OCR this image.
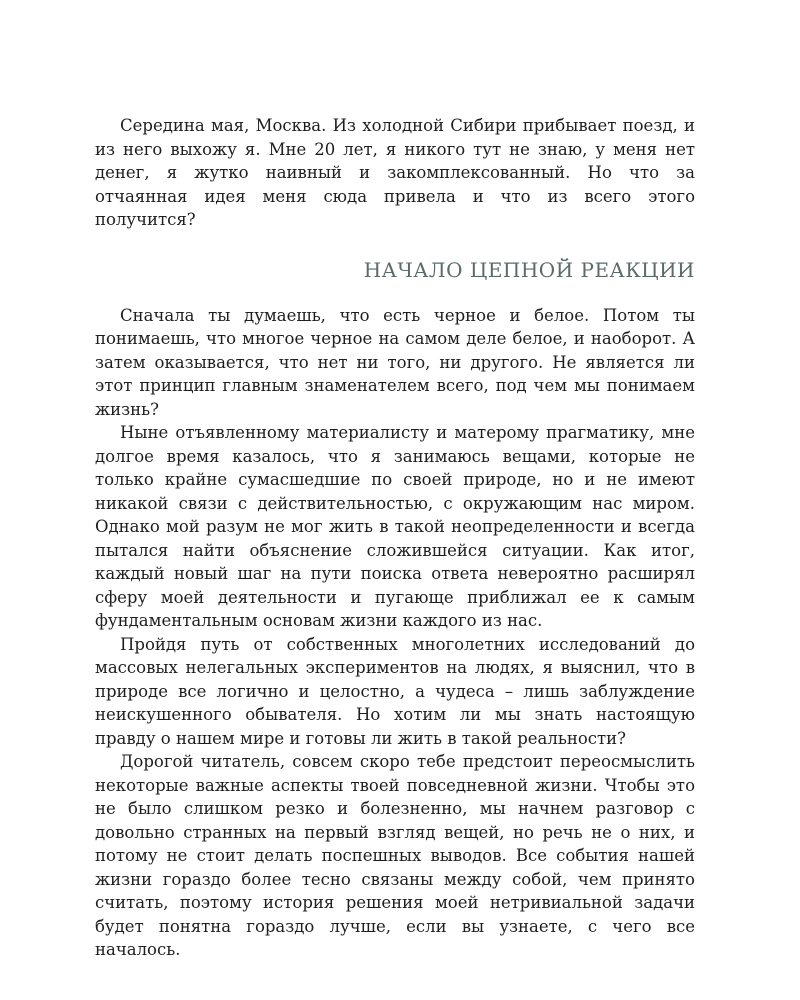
Середина мая, Москва. Из холодной Сибири прибывает поезд, и из него выхожу я. Мне 20 лет, я никого тут не знаю, у меня нет денег, я жутко наивный и закомплексованный. Но что за отчаянная идея меня сюда привела и что из всего этого получится?

НАЧАЛО ЦЕПНОЙ РЕАКЦИИ

Сначала ты думаешь, что есть черное и белое. Потом ты понимаешь, что многое черное на самом деле белое, и наоборот. А затем оказывается, что нет ни того, ни другого. Не является ли этот принцип главным знаменателем всего, под чем мы понимаем жизнь?

Ныне отъявленному материалисту и матерому прагматику, мне долгое время казалось, что я занимаюсь вещами, которые не только крайне сумасшедшие по своей природе, но и не имеют никакой связи с действительностью, с окружающим нас миром. Однако мой разум не мог жить в такой неопределенности и всегда пытался найти объяснение сложившейся ситуации. Как итог, каждый новый шаг на пути поиска ответа невероятно расширял сферу моей деятельности и пугающе приближал ее к самым фундаментальным основам жизни каждого из нас.

Пройдя путь от собственных многолетних исследований до массовых нелегальных экспериментов на людях, я выяснил, что в природе все логично и целостно, а чудеса – лишь заблуждение неискушенного обывателя. Но хотим ли мы знать настоящую правду о нашем мире и готовы ли жить в такой реальности?

Дорогой читатель, совсем скоро тебе предстоит переосмыслить некоторые важные аспекты твоей повседневной жизни. Чтобы это не было слишком резко и болезненно, мы начнем разговор с довольно странных на первый взгляд вещей, но речь не о них, и потому не стоит делать поспешных выводов. Все события нашей жизни гораздо более тесно связаны между собой, чем принято считать, поэтому история решения моей нетривиальной задачи будет понятна гораздо лучше, если вы узнаете, с чего все началось.
